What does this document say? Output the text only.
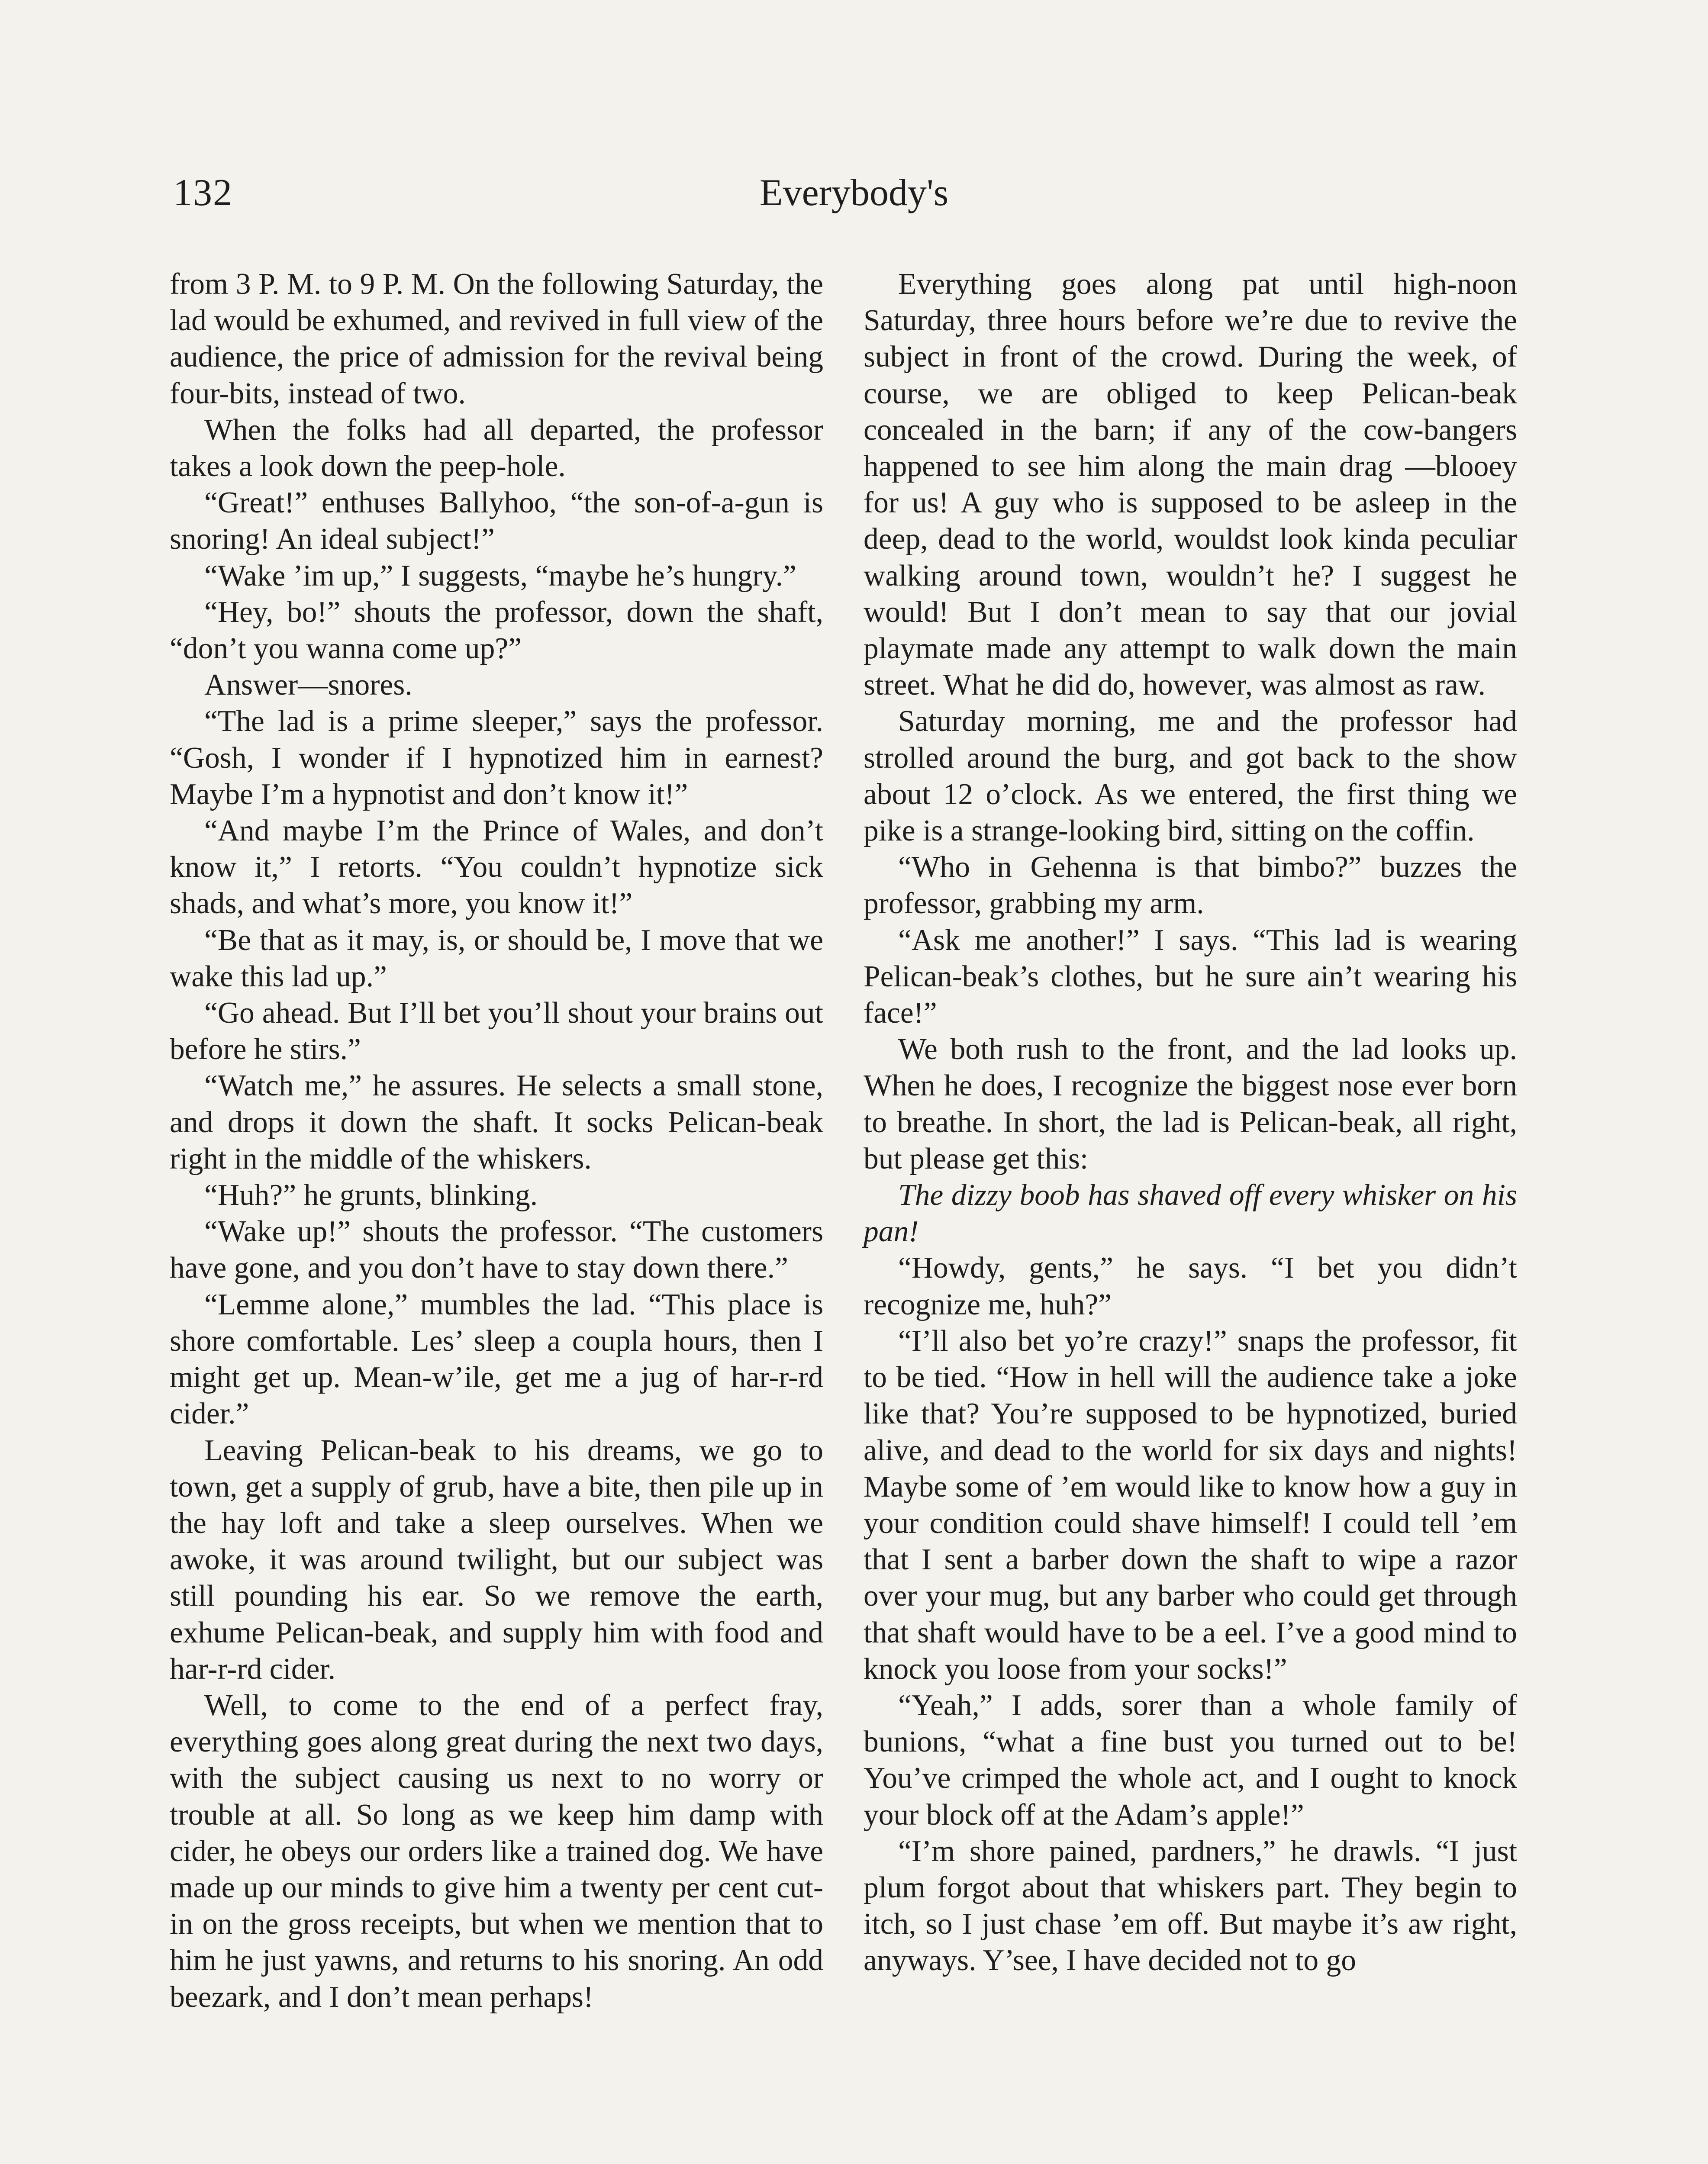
132	Everybody's

from 3 P. M. to 9 P. M. On the following Saturday, the lad would be exhumed, and revived in full view of the audience, the price of admission for the revival being four-bits, instead of two.

When the folks had all departed, the professor takes a look down the peep-hole.

“Great!” enthuses Ballyhoo, “the son-of-a-gun is snoring! An ideal subject!”

“Wake ’im up,” I suggests, “maybe he’s hungry.”

“Hey, bo!” shouts the professor, down the shaft, “don’t you wanna come up?”

Answer—snores.

“The lad is a prime sleeper,” says the professor. “Gosh, I wonder if I hypnotized him in earnest? Maybe I’m a hypnotist and don’t know it!”

“And maybe I’m the Prince of Wales, and don’t know it,” I retorts. “You couldn’t hypnotize sick shads, and what’s more, you know it!”

“Be that as it may, is, or should be, I move that we wake this lad up.”

“Go ahead. But I’ll bet you’ll shout your brains out before he stirs.”

“Watch me,” he assures. He selects a small stone, and drops it down the shaft. It socks Pelican-beak right in the middle of the whiskers.

“Huh?” he grunts, blinking.

“Wake up!” shouts the professor. “The customers have gone, and you don’t have to stay down there.”

“Lemme alone,” mumbles the lad. “This place is shore comfortable. Les’ sleep a coupla hours, then I might get up. Mean-w’ile, get me a jug of har-r-rd cider.”

Leaving Pelican-beak to his dreams, we go to town, get a supply of grub, have a bite, then pile up in the hay loft and take a sleep ourselves. When we awoke, it was around twilight, but our subject was still pounding his ear. So we remove the earth, exhume Pelican-beak, and supply him with food and har-r-rd cider.

Well, to come to the end of a perfect fray, everything goes along great during the next two days, with the subject causing us next to no worry or trouble at all. So long as we keep him damp with cider, he obeys our orders like a trained dog. We have made up our minds to give him a twenty per cent cut-in on the gross receipts, but when we mention that to him he just yawns, and returns to his snoring. An odd beezark, and I don’t mean perhaps!

Everything goes along pat until high-noon Saturday, three hours before we’re due to revive the subject in front of the crowd. During the week, of course, we are obliged to keep Pelican-beak concealed in the barn; if any of the cow-bangers happened to see him along the main drag —blooey for us! A guy who is supposed to be asleep in the deep, dead to the world, wouldst look kinda peculiar walking around town, wouldn’t he? I suggest he would! But I don’t mean to say that our jovial playmate made any attempt to walk down the main street. What he did do, however, was almost as raw.

Saturday morning, me and the professor had strolled around the burg, and got back to the show about 12 o’clock. As we entered, the first thing we pike is a strange-looking bird, sitting on the coffin.

“Who in Gehenna is that bimbo?” buzzes the professor, grabbing my arm.

“Ask me another!” I says. “This lad is wearing Pelican-beak’s clothes, but he sure ain’t wearing his face!”

We both rush to the front, and the lad looks up. When he does, I recognize the biggest nose ever born to breathe. In short, the lad is Pelican-beak, all right, but please get this:

The dizzy boob has shaved off every whisker on his pan!

“Howdy, gents,” he says. “I bet you didn’t recognize me, huh?”

“I’ll also bet yo’re crazy!” snaps the professor, fit to be tied. “How in hell will the audience take a joke like that? You’re supposed to be hypnotized, buried alive, and dead to the world for six days and nights! Maybe some of ’em would like to know how a guy in your condition could shave himself! I could tell ’em that I sent a barber down the shaft to wipe a razor over your mug, but any barber who could get through that shaft would have to be a eel. I’ve a good mind to knock you loose from your socks!”

“Yeah,” I adds, sorer than a whole family of bunions, “what a fine bust you turned out to be! You’ve crimped the whole act, and I ought to knock your block off at the Adam’s apple!”

“I’m shore pained, pardners,” he drawls. “I just plum forgot about that whiskers part. They begin to itch, so I just chase ’em off. But maybe it’s aw right, anyways. Y’see, I have decided not to go
